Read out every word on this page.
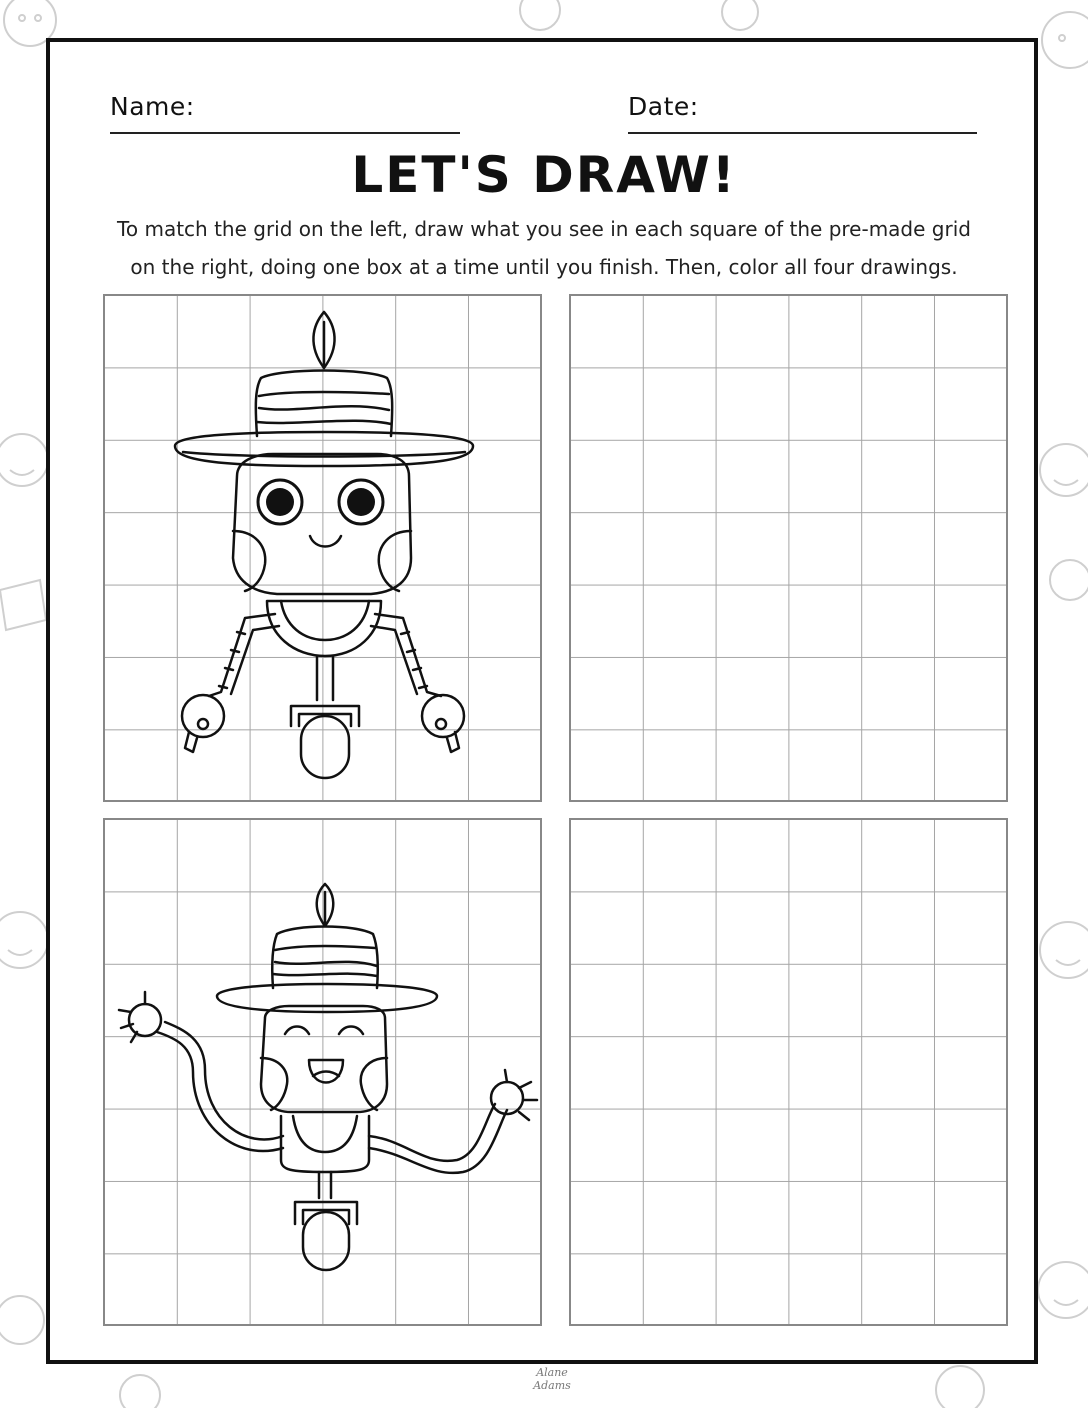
Name:	Date:
LET'S DRAW!
To match the grid on the left, draw what you see in each square of the pre-made grid
on the right, doing one box at a time until you finish. Then, color all four drawings.
Alane Adams
